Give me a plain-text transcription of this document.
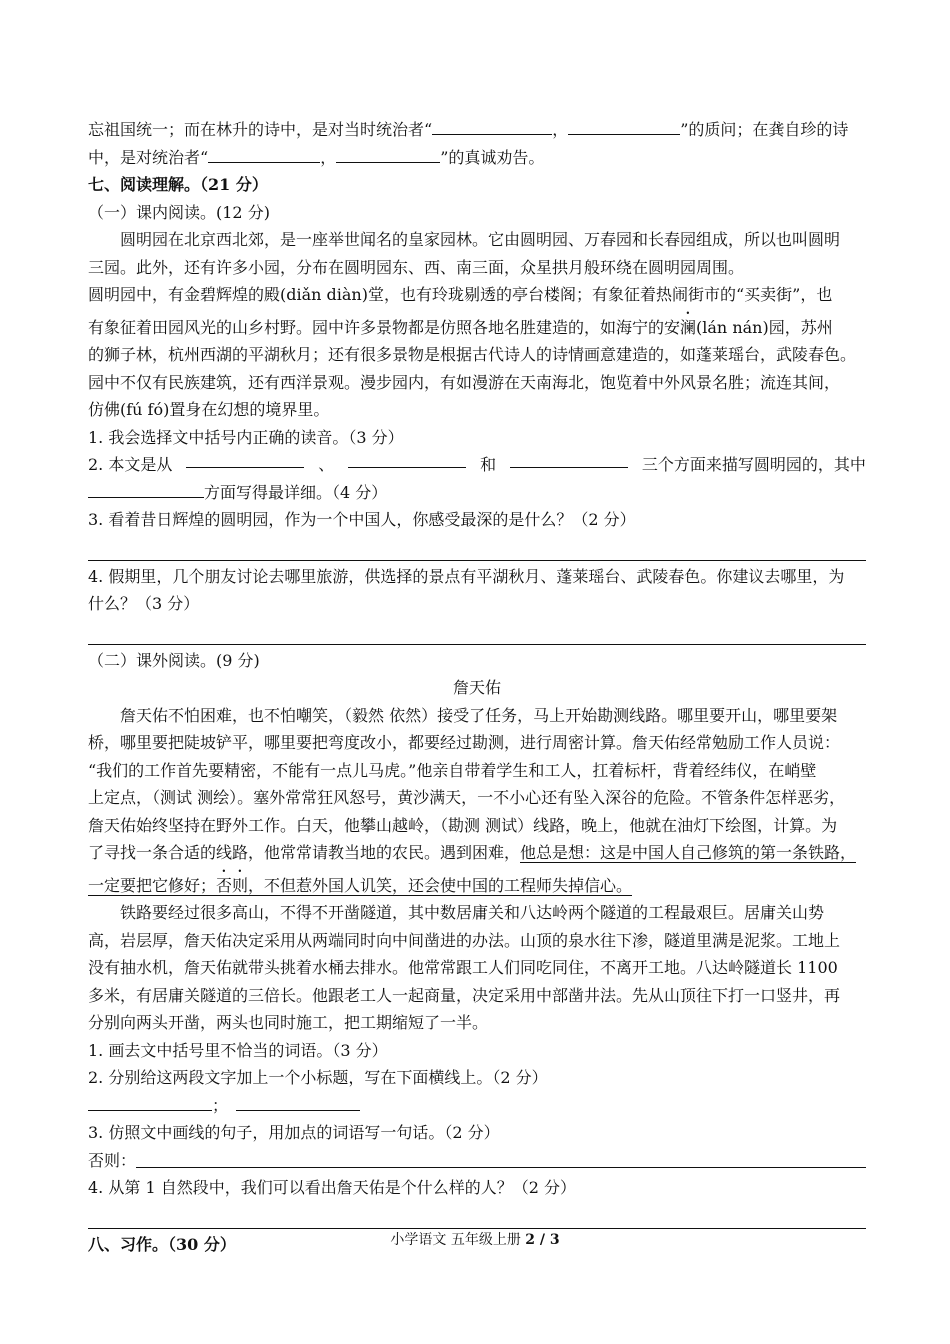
忘祖国统一；而在林升的诗中，是对当时统治者“	，	”的质问；在龚自珍的诗
中，是对统治者“	，	”的真诚劝告。
七、阅读理解。（21 分）
（一）课内阅读。(12 分)
圆明园在北京西北郊，是一座举世闻名的皇家园林。它由圆明园、万春园和长春园组成，所以也叫圆明
三园。此外，还有许多小园，分布在圆明园东、西、南三面，众星拱月般环绕在圆明园周围。
圆明园中，有金碧辉煌的殿(diǎn diàn)堂，也有玲珑剔透的亭台楼阁；有象征着热闹街市的“买卖街”，也
有象征着田园风光的山乡村野。园中许多景物都是仿照各地名胜建造的，如海宁的安澜(lán nán)园，苏州
的狮子林，杭州西湖的平湖秋月；还有很多景物是根据古代诗人的诗情画意建造的，如蓬莱瑶台，武陵春色。
园中不仅有民族建筑，还有西洋景观。漫步园内，有如漫游在天南海北，饱览着中外风景名胜；流连其间，
仿佛(fú fó)置身在幻想的境界里。
1. 我会选择文中括号内正确的读音。（3 分）
2. 本文是从	、	和	三个方面来描写圆明园的，其中
方面写得最详细。（4 分）
3. 看着昔日辉煌的圆明园，作为一个中国人，你感受最深的是什么？（2 分）
4. 假期里，几个朋友讨论去哪里旅游，供选择的景点有平湖秋月、蓬莱瑶台、武陵春色。你建议去哪里，为
什么？（3 分）
（二）课外阅读。(9 分)
詹天佑
詹天佑不怕困难，也不怕嘲笑，（毅然 依然）接受了任务，马上开始勘测线路。哪里要开山，哪里要架
桥，哪里要把陡坡铲平，哪里要把弯度改小，都要经过勘测，进行周密计算。詹天佑经常勉励工作人员说：
“我们的工作首先要精密，不能有一点儿马虎。”他亲自带着学生和工人，扛着标杆，背着经纬仪，在峭壁
上定点，（测试 测绘）。塞外常常狂风怒号，黄沙满天，一不小心还有坠入深谷的危险。不管条件怎样恶劣，
詹天佑始终坚持在野外工作。白天，他攀山越岭，（勘测 测试）线路，晚上，他就在油灯下绘图，计算。为
了寻找一条合适的线路，他常常请教当地的农民。遇到困难，他总是想：这是中国人自己修筑的第一条铁路，
一定要把它修好；否则，不但惹外国人讥笑，还会使中国的工程师失掉信心。
铁路要经过很多高山，不得不开凿隧道，其中数居庸关和八达岭两个隧道的工程最艰巨。居庸关山势
高，岩层厚，詹天佑决定采用从两端同时向中间凿进的办法。山顶的泉水往下渗，隧道里满是泥浆。工地上
没有抽水机，詹天佑就带头挑着水桶去排水。他常常跟工人们同吃同住，不离开工地。八达岭隧道长 1100
多米，有居庸关隧道的三倍长。他跟老工人一起商量，决定采用中部凿井法。先从山顶往下打一口竖井，再
分别向两头开凿，两头也同时施工，把工期缩短了一半。
1. 画去文中括号里不恰当的词语。（3 分）
2. 分别给这两段文字加上一个小标题，写在下面横线上。（2 分）
；
3. 仿照文中画线的句子，用加点的词语写一句话。（2 分）
否则：
4. 从第 1 自然段中，我们可以看出詹天佑是个什么样的人？（2 分）
八、习作。（30 分）	小学语文 五年级上册 2 / 3
